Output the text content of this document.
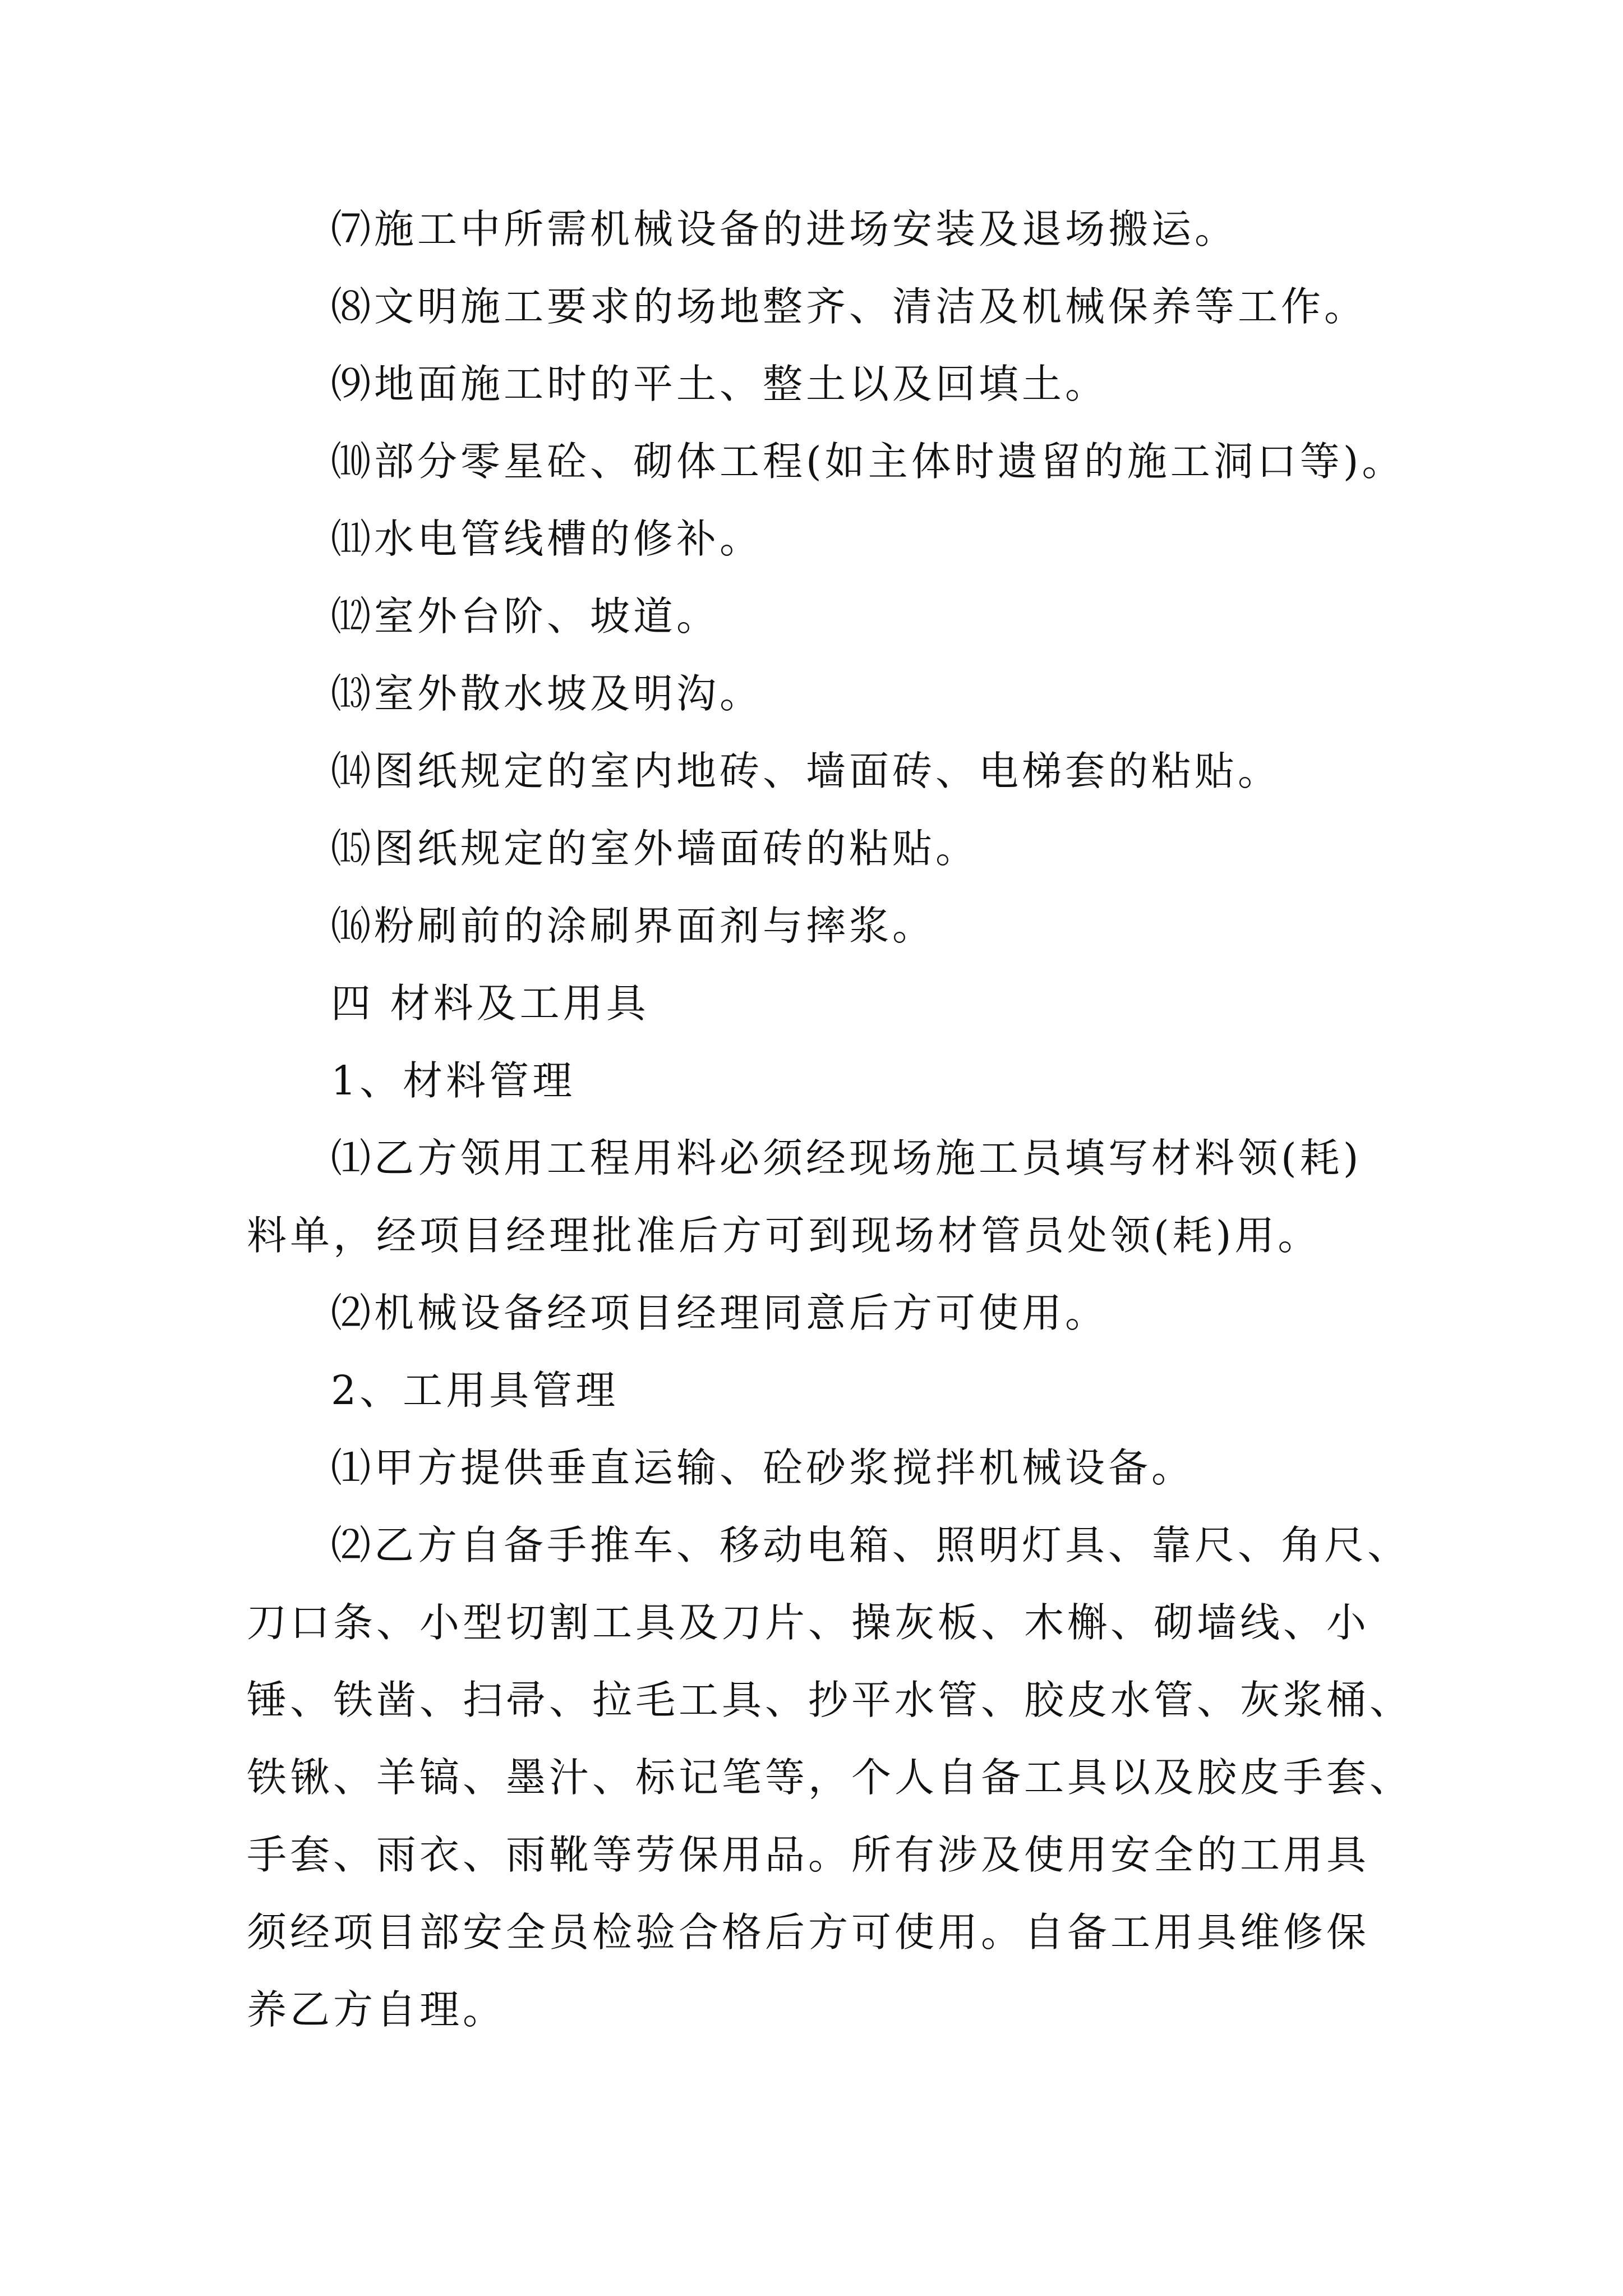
⑺施工中所需机械设备的进场安装及退场搬运。
⑻文明施工要求的场地整齐、清洁及机械保养等工作。
⑼地面施工时的平土、整土以及回填土。
⑽部分零星砼、砌体工程(如主体时遗留的施工洞口等)。
⑾水电管线槽的修补。
⑿室外台阶、坡道。
⒀室外散水坡及明沟。
⒁图纸规定的室内地砖、墙面砖、电梯套的粘贴。
⒂图纸规定的室外墙面砖的粘贴。
⒃粉刷前的涂刷界面剂与摔浆。
四 材料及工用具
1、材料管理
⑴乙方领用工程用料必须经现场施工员填写材料领(耗)
料单，经项目经理批准后方可到现场材管员处领(耗)用。
⑵机械设备经项目经理同意后方可使用。
2、工用具管理
⑴甲方提供垂直运输、砼砂浆搅拌机械设备。
⑵乙方自备手推车、移动电箱、照明灯具、靠尺、角尺、
刀口条、小型切割工具及刀片、操灰板、木槲、砌墙线、小
锤、铁凿、扫帚、拉毛工具、抄平水管、胶皮水管、灰浆桶、
铁锹、羊镐、墨汁、标记笔等，个人自备工具以及胶皮手套、
手套、雨衣、雨靴等劳保用品。所有涉及使用安全的工用具
须经项目部安全员检验合格后方可使用。自备工用具维修保
养乙方自理。
